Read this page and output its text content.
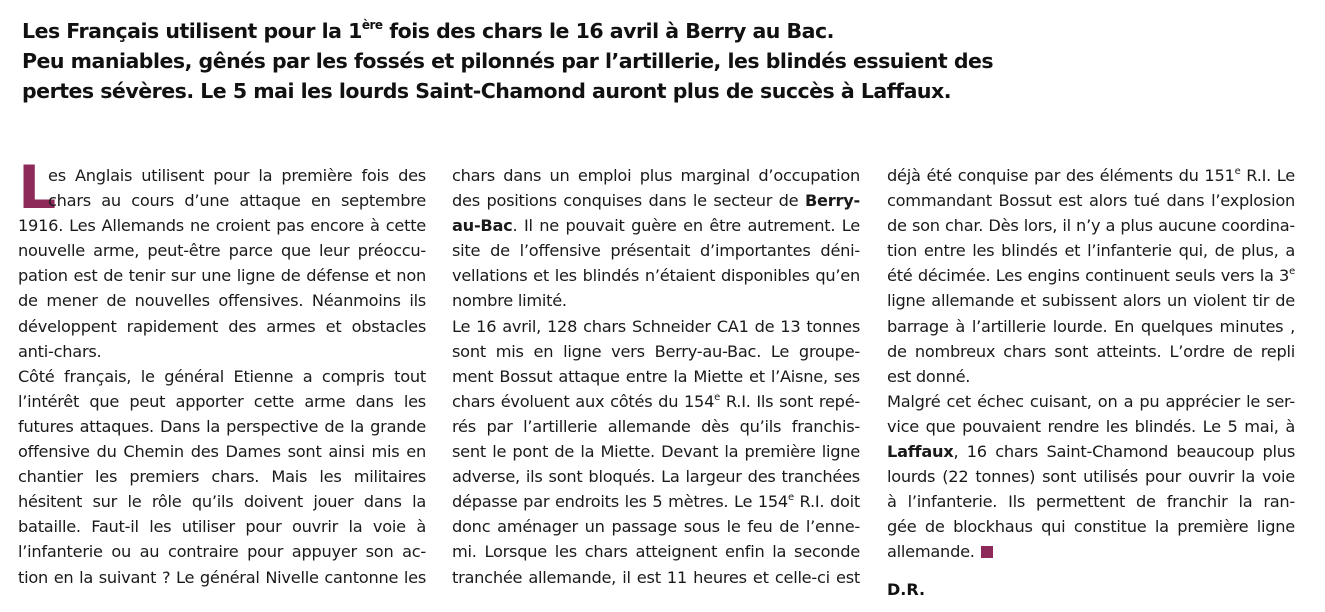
Les Français utilisent pour la 1ère fois des chars le 16 avril à Berry au Bac.
Peu maniables, gênés par les fossés et pilonnés par l’artillerie, les blindés essuient des
pertes sévères. Le 5 mai les lourds Saint-Chamond auront plus de succès à Laffaux.
L
es Anglais utilisent pour la première fois des
chars au cours d’une attaque en septembre
1916. Les Allemands ne croient pas encore à cette
nouvelle arme, peut-être parce que leur préoccu-
pation est de tenir sur une ligne de défense et non
de mener de nouvelles offensives. Néanmoins ils
développent rapidement des armes et obstacles
anti-chars.
Côté français, le général Etienne a compris tout
l’intérêt que peut apporter cette arme dans les
futures attaques. Dans la perspective de la grande
offensive du Chemin des Dames sont ainsi mis en
chantier les premiers chars. Mais les militaires
hésitent sur le rôle qu’ils doivent jouer dans la
bataille. Faut-il les utiliser pour ouvrir la voie à
l’infanterie ou au contraire pour appuyer son ac-
tion en la suivant ? Le général Nivelle cantonne les
chars dans un emploi plus marginal d’occupation
des positions conquises dans le secteur de Berry-
au-Bac. Il ne pouvait guère en être autrement. Le
site de l’offensive présentait d’importantes déni-
vellations et les blindés n’étaient disponibles qu’en
nombre limité.
Le 16 avril, 128 chars Schneider CA1 de 13 tonnes
sont mis en ligne vers Berry-au-Bac. Le groupe-
ment Bossut attaque entre la Miette et l’Aisne, ses
chars évoluent aux côtés du 154e R.I. Ils sont repé-
rés par l’artillerie allemande dès qu’ils franchis-
sent le pont de la Miette. Devant la première ligne
adverse, ils sont bloqués. La largeur des tranchées
dépasse par endroits les 5 mètres. Le 154e R.I. doit
donc aménager un passage sous le feu de l’enne-
mi. Lorsque les chars atteignent enfin la seconde
tranchée allemande, il est 11 heures et celle-ci est
déjà été conquise par des éléments du 151e R.I. Le
commandant Bossut est alors tué dans l’explosion
de son char. Dès lors, il n’y a plus aucune coordina-
tion entre les blindés et l’infanterie qui, de plus, a
été décimée. Les engins continuent seuls vers la 3e
ligne allemande et subissent alors un violent tir de
barrage à l’artillerie lourde. En quelques minutes ,
de nombreux chars sont atteints. L’ordre de repli
est donné.
Malgré cet échec cuisant, on a pu apprécier le ser-
vice que pouvaient rendre les blindés. Le 5 mai, à
Laffaux, 16 chars Saint-Chamond beaucoup plus
lourds (22 tonnes) sont utilisés pour ouvrir la voie
à l’infanterie. Ils permettent de franchir la ran-
gée de blockhaus qui constitue la première ligne
allemande.
D.R.
